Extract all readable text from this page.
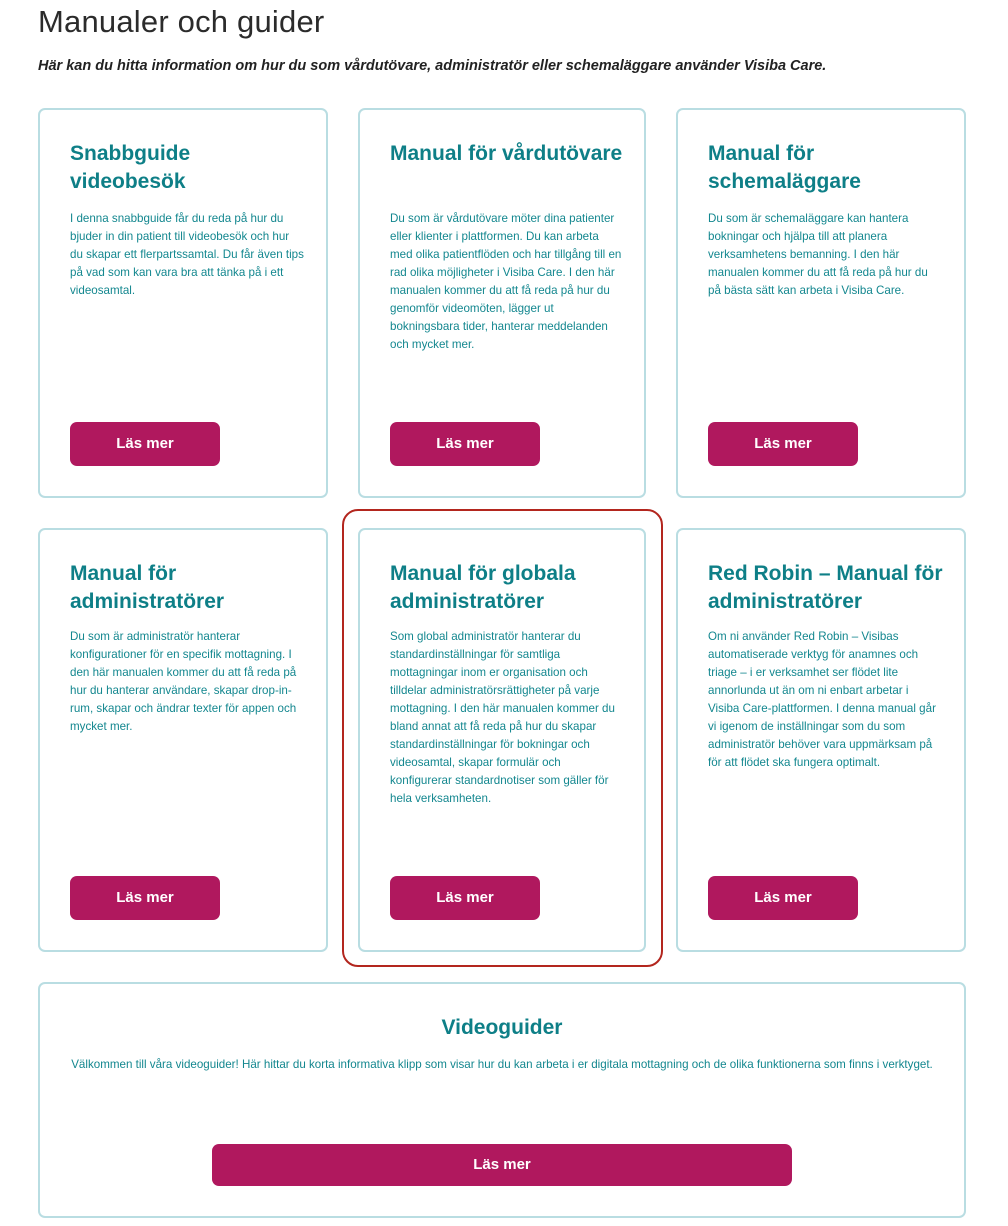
Manualer och guider

Här kan du hitta information om hur du som vårdutövare, administratör eller schemaläggare använder Visiba Care.

Snabbguide videobesök

I denna snabbguide får du reda på hur du bjuder in din patient till videobesök och hur du skapar ett flerpartssamtal. Du får även tips på vad som kan vara bra att tänka på i ett videosamtal.

Läs mer
Manual för vårdutövare

Du som är vårdutövare möter dina patienter eller klienter i plattformen. Du kan arbeta med olika patientflöden och har tillgång till en rad olika möjligheter i Visiba Care. I den här manualen kommer du att få reda på hur du genomför videomöten, lägger ut bokningsbara tider, hanterar meddelanden och mycket mer.

Läs mer
Manual för schemaläggare

Du som är schemaläggare kan hantera bokningar och hjälpa till att planera verksamhetens bemanning. I den här manualen kommer du att få reda på hur du på bästa sätt kan arbeta i Visiba Care.

Läs mer
Manual för administratörer

Du som är administratör hanterar konfigurationer för en specifik mottagning. I den här manualen kommer du att få reda på hur du hanterar användare, skapar drop-in-rum, skapar och ändrar texter för appen och mycket mer.

Läs mer
Manual för globala administratörer

Som global administratör hanterar du standardinställningar för samtliga mottagningar inom er organisation och tilldelar administratörsrättigheter på varje mottagning. I den här manualen kommer du bland annat att få reda på hur du skapar standardinställningar för bokningar och videosamtal, skapar formulär och konfigurerar standardnotiser som gäller för hela verksamheten.

Läs mer
Red Robin – Manual för administratörer

Om ni använder Red Robin – Visibas automatiserade verktyg för anamnes och triage – i er verksamhet ser flödet lite annorlunda ut än om ni enbart arbetar i Visiba Care-plattformen. I denna manual går vi igenom de inställningar som du som administratör behöver vara uppmärksam på för att flödet ska fungera optimalt.

Läs mer
Videoguider

Välkommen till våra videoguider! Här hittar du korta informativa klipp som visar hur du kan arbeta i er digitala mottagning och de olika funktionerna som finns i verktyget.

Läs mer
